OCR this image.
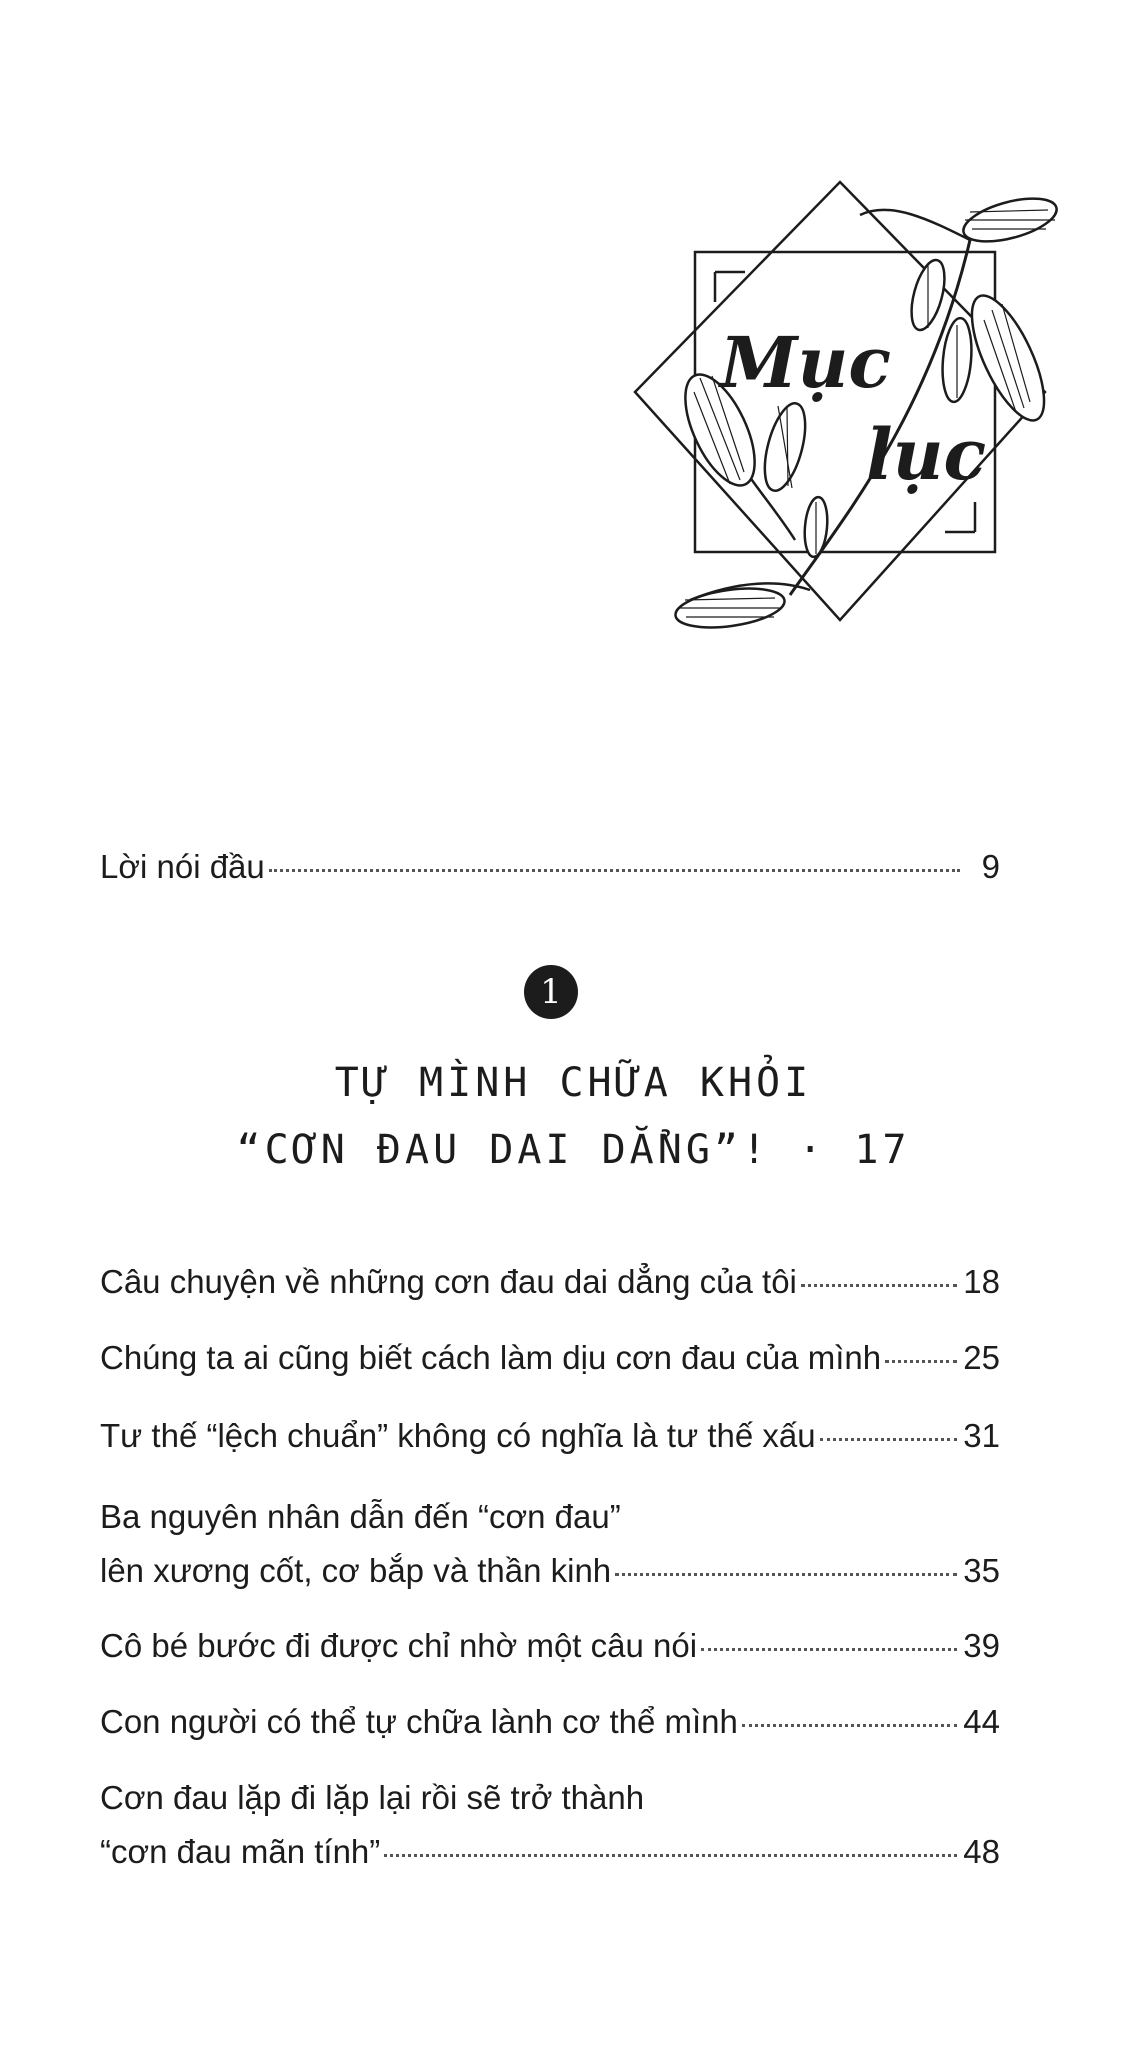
Mục

lục

Lời nói đầu	9
1
TỰ MÌNH CHỮA KHỎI
“CƠN ĐAU DAI DẲNG”! · 17
Câu chuyện về những cơn đau dai dẳng của tôi	18
Chúng ta ai cũng biết cách làm dịu cơn đau của mình 25
Tư thế “lệch chuẩn” không có nghĩa là tư thế xấu	31
Ba nguyên nhân dẫn đến “cơn đau”
lên xương cốt, cơ bắp và thần kinh	35
Cô bé bước đi được chỉ nhờ một câu nói	39
Con người có thể tự chữa lành cơ thể mình	44
Cơn đau lặp đi lặp lại rồi sẽ trở thành
“cơn đau mãn tính”	48
